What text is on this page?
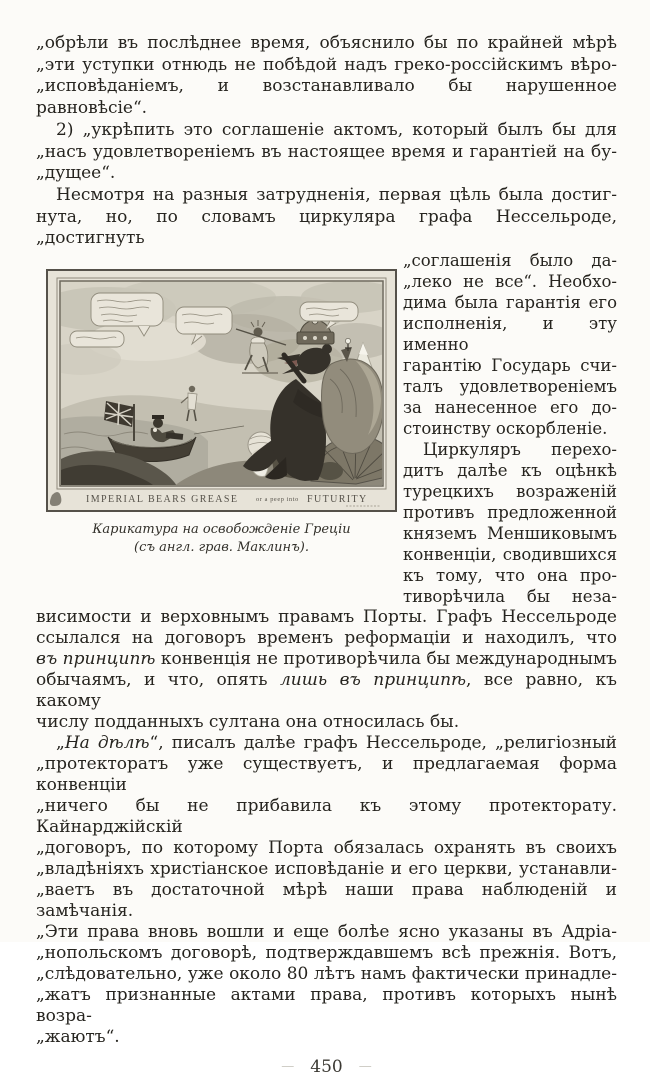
„обрѣли въ послѣднее время, объяснило бы по крайней мѣрѣ
„эти уступки отнюдь не побѣдой надъ греко-россійскимъ вѣро-
„исповѣданіемъ, и возстанавливало бы нарушенное равновѣсіе“.
2) „укрѣпить это соглашеніе актомъ, который былъ бы для
„насъ удовлетвореніемъ въ настоящее время и гарантіей на бу-
„дущее“.
Несмотря на разныя затрудненія, первая цѣль была достиг-
нута, но, по словамъ циркуляра графа Нессельроде, „достигнуть
IMPERIAL BEARS GREASE	or a peep into FUTURITY
Карикатура на освобожденіе Греціи
(съ англ. грав. Маклинъ).
„соглашенія было да-
„леко не все“. Необхо-
дима была гарантія его
исполненія, и эту именно
гарантію Государь счи-
талъ удовлетвореніемъ
за нанесенное его до-
стоинству оскорбленіе.
Циркуляръ перехо-
дитъ далѣе къ оцѣнкѣ
турецкихъ возраженій
противъ предложенной
княземъ Меншиковымъ
конвенціи, сводившихся
къ тому, что она про-
тиворѣчила бы неза-
висимости и верховнымъ правамъ Порты. Графъ Нессельроде
ссылался на договоръ временъ реформаціи и находилъ, что
въ принципѣ конвенція не противорѣчила бы международнымъ
обычаямъ, и что, опять лишь въ принципѣ, все равно, къ какому
числу подданныхъ султана она относилась бы.
„На дѣлѣ“, писалъ далѣе графъ Нессельроде, „религіозный
„протекторатъ уже существуетъ, и предлагаемая форма конвенціи
„ничего бы не прибавила къ этому протекторату. Кайнарджійскій
„договоръ, по которому Порта обязалась охранять въ своихъ
„владѣніяхъ христіанское исповѣданіе и его церкви, устанавли-
„ваетъ въ достаточной мѣрѣ наши права наблюденій и замѣчанія.
„Эти права вновь вошли и еще болѣе ясно указаны въ Адріа-
„нопольскомъ договорѣ, подтверждавшемъ всѣ прежнія. Вотъ,
„слѣдовательно, уже около 80 лѣтъ намъ фактически принадле-
„жатъ признанные актами права, противъ которыхъ нынѣ возра-
„жаютъ“.
— 450 —
